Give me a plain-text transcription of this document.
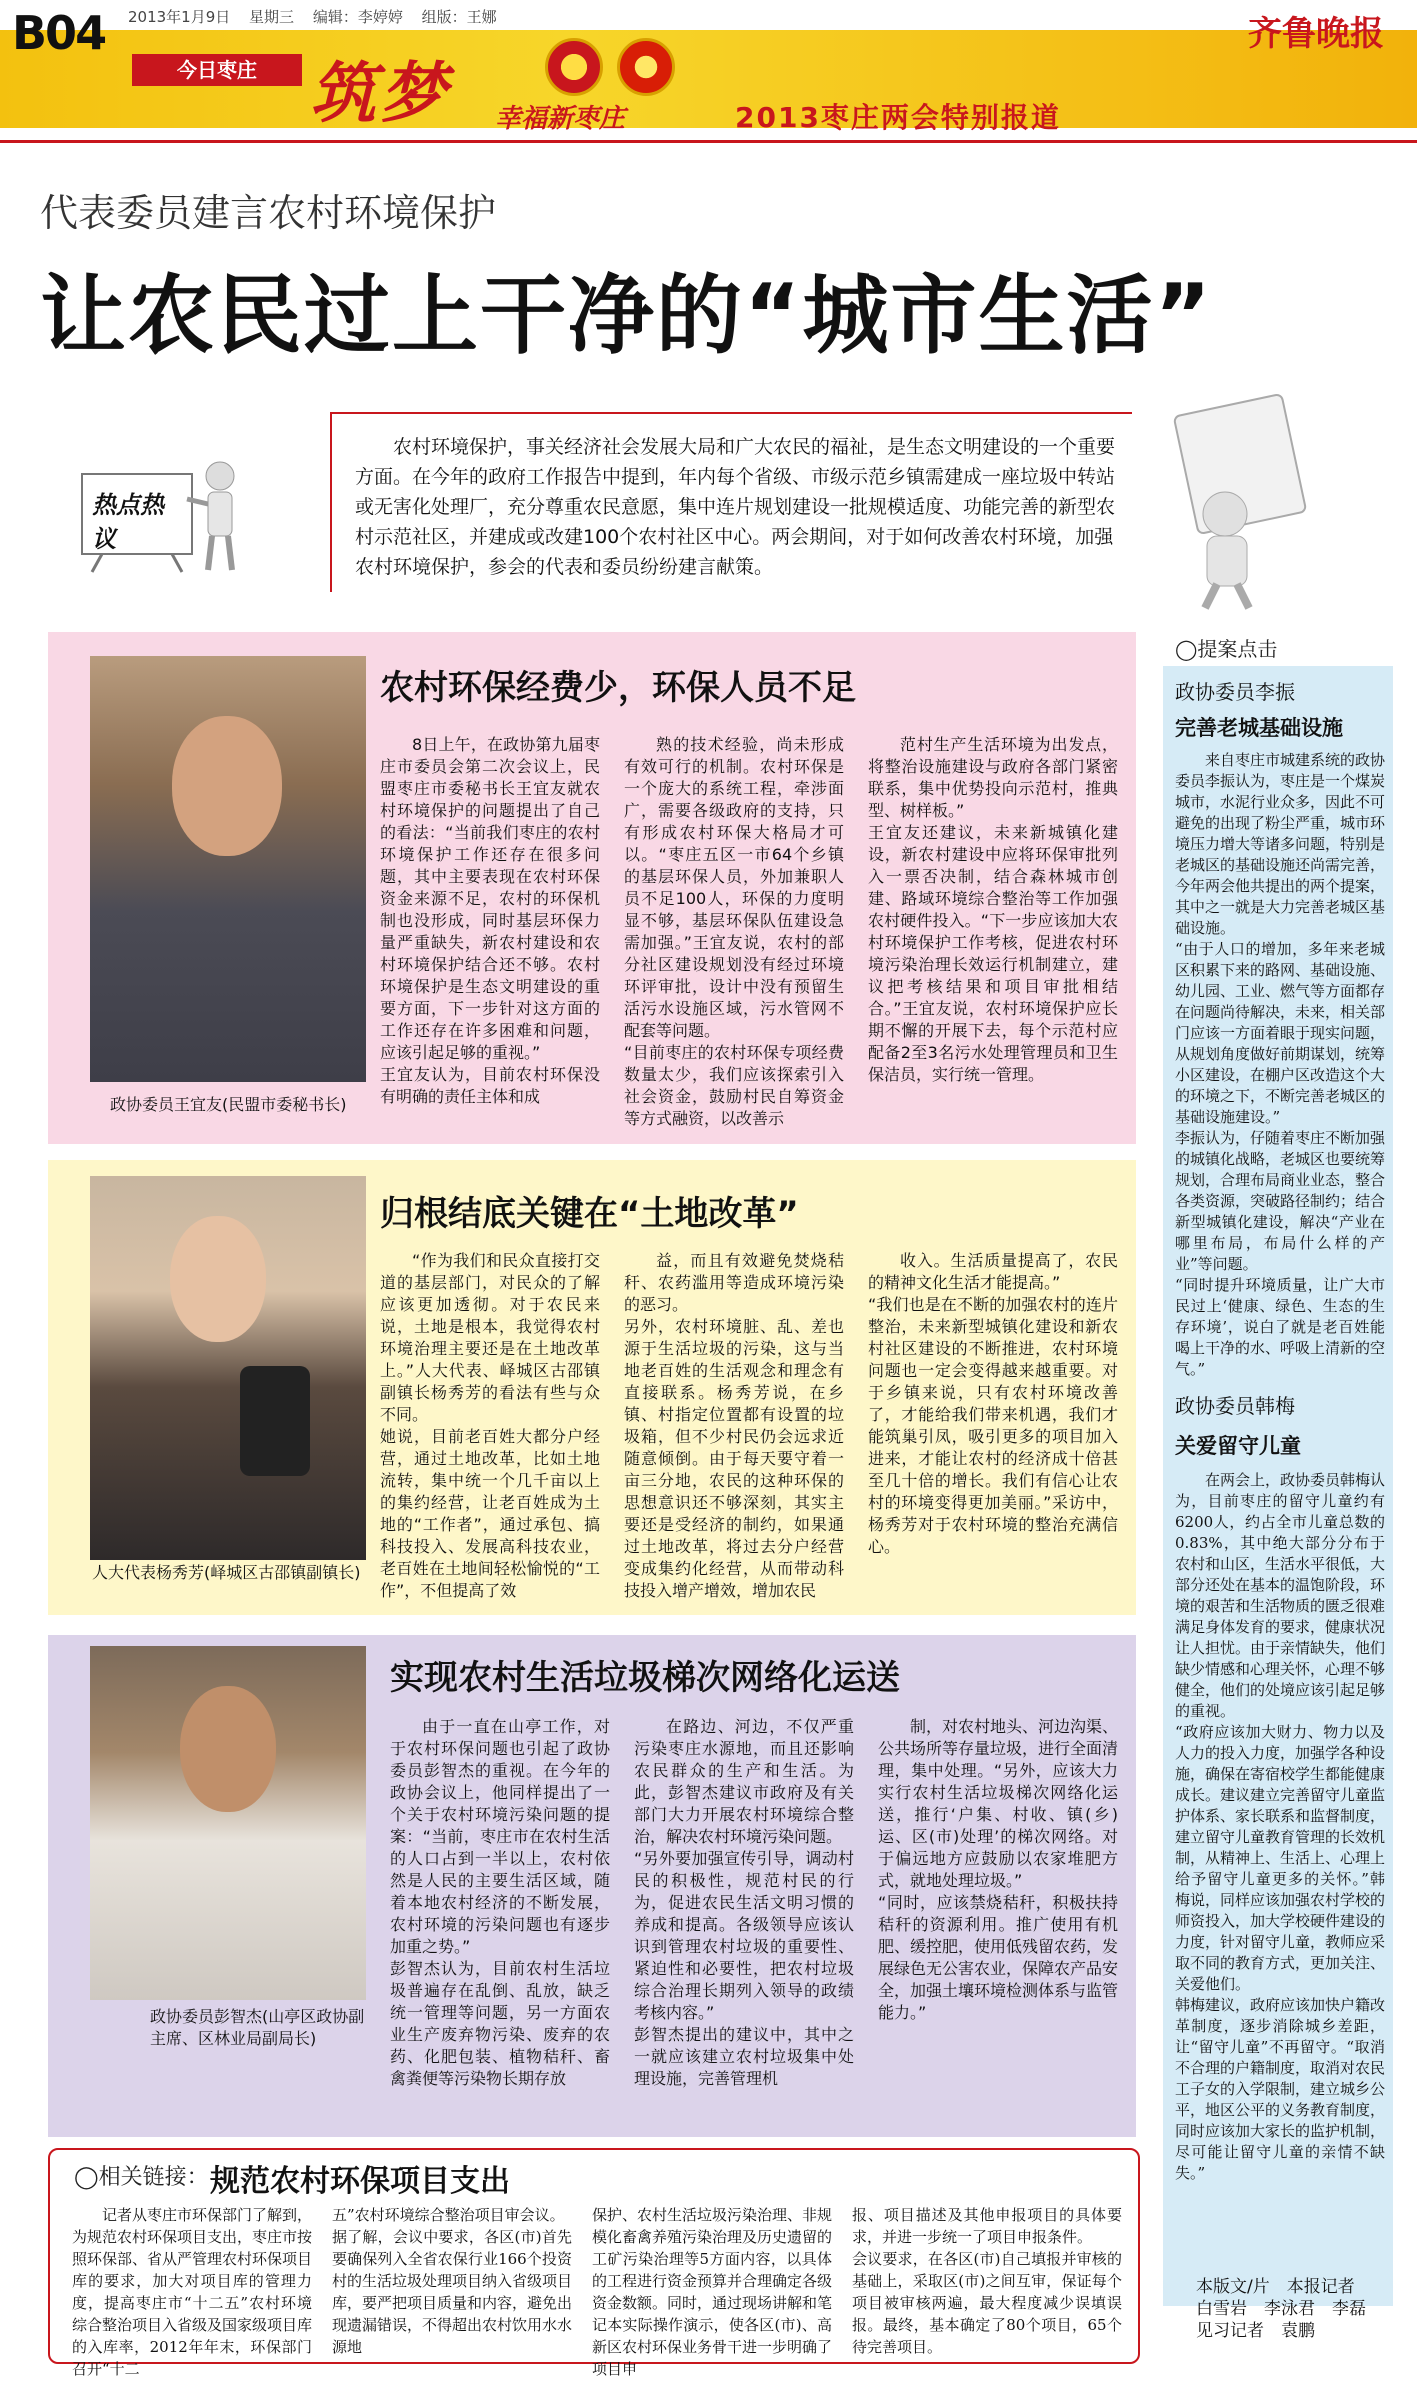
B04 2013年1月9日 星期三 编辑：李婷婷 组版：王娜	齐鲁晚报
今日枣庄 筑梦 幸福新枣庄	2013枣庄两会特别报道
代表委员建言农村环境保护
让农民过上干净的“城市生活”
热点热议
农村环境保护，事关经济社会发展大局和广大农民的福祉，是生态文明建设的一个重要方面。在今年的政府工作报告中提到，年内每个省级、市级示范乡镇需建成一座垃圾中转站或无害化处理厂，充分尊重农民意愿，集中连片规划建设一批规模适度、功能完善的新型农村示范社区，并建成或改建100个农村社区中心。两会期间，对于如何改善农村环境，加强农村环境保护，参会的代表和委员纷纷建言献策。
政协委员王宜友(民盟市委秘书长)
农村环保经费少，环保人员不足
8日上午，在政协第九届枣庄市委员会第二次会议上，民盟枣庄市委秘书长王宜友就农村环境保护的问题提出了自己的看法：“当前我们枣庄的农村环境保护工作还存在很多问题，其中主要表现在农村环保资金来源不足，农村的环保机制也没形成，同时基层环保力量严重缺失，新农村建设和农村环境保护结合还不够。农村环境保护是生态文明建设的重要方面，下一步针对这方面的工作还存在许多困难和问题，应该引起足够的重视。”
王宜友认为，目前农村环保没有明确的责任主体和成
熟的技术经验，尚未形成有效可行的机制。农村环保是一个庞大的系统工程，牵涉面广，需要各级政府的支持，只有形成农村环保大格局才可以。“枣庄五区一市64个乡镇的基层环保人员，外加兼职人员不足100人，环保的力度明显不够，基层环保队伍建设急需加强。”王宜友说，农村的部分社区建设规划没有经过环境环评审批，设计中没有预留生活污水设施区域，污水管网不配套等问题。
“目前枣庄的农村环保专项经费数量太少，我们应该探索引入社会资金，鼓励村民自筹资金等方式融资，以改善示
范村生产生活环境为出发点，将整治设施建设与政府各部门紧密联系，集中优势投向示范村，推典型、树样板。”
王宜友还建议，未来新城镇化建设，新农村建设中应将环保审批列入一票否决制，结合森林城市创建、路域环境综合整治等工作加强农村硬件投入。“下一步应该加大农村环境保护工作考核，促进农村环境污染治理长效运行机制建立，建议把考核结果和项目审批相结合。”王宜友说，农村环境保护应长期不懈的开展下去，每个示范村应配备2至3名污水处理管理员和卫生保洁员，实行统一管理。
人大代表杨秀芳(峄城区古邵镇副镇长)
归根结底关键在“土地改革”
“作为我们和民众直接打交道的基层部门，对民众的了解应该更加透彻。对于农民来说，土地是根本，我觉得农村环境治理主要还是在土地改革上。”人大代表、峄城区古邵镇副镇长杨秀芳的看法有些与众不同。
她说，目前老百姓大都分户经营，通过土地改革，比如土地流转，集中统一个几千亩以上的集约经营，让老百姓成为土地的“工作者”，通过承包、搞科技投入、发展高科技农业，老百姓在土地间轻松愉悦的“工作”，不但提高了效
益，而且有效避免焚烧秸秆、农药滥用等造成环境污染的恶习。
另外，农村环境脏、乱、差也源于生活垃圾的污染，这与当地老百姓的生活观念和理念有直接联系。杨秀芳说，在乡镇、村指定位置都有设置的垃圾箱，但不少村民仍会远求近随意倾倒。由于每天要守着一亩三分地，农民的这种环保的思想意识还不够深刻，其实主要还是受经济的制约，如果通过土地改革，将过去分户经营变成集约化经营，从而带动科技投入增产增效，增加农民
收入。生活质量提高了，农民的精神文化生活才能提高。”
“我们也是在不断的加强农村的连片整治，未来新型城镇化建设和新农村社区建设的不断推进，农村环境问题也一定会变得越来越重要。对于乡镇来说，只有农村环境改善了，才能给我们带来机遇，我们才能筑巢引凤，吸引更多的项目加入进来，才能让农村的经济成十倍甚至几十倍的增长。我们有信心让农村的环境变得更加美丽。”采访中，杨秀芳对于农村环境的整治充满信心。
政协委员彭智杰(山亭区政协副主席、区林业局副局长)
实现农村生活垃圾梯次网络化运送
由于一直在山亭工作，对于农村环保问题也引起了政协委员彭智杰的重视。在今年的政协会议上，他同样提出了一个关于农村环境污染问题的提案：“当前，枣庄市在农村生活的人口占到一半以上，农村依然是人民的主要生活区域，随着本地农村经济的不断发展，农村环境的污染问题也有逐步加重之势。”
彭智杰认为，目前农村生活垃圾普遍存在乱倒、乱放，缺乏统一管理等问题，另一方面农业生产废弃物污染、废弃的农药、化肥包装、植物秸秆、畜禽粪便等污染物长期存放
在路边、河边，不仅严重污染枣庄水源地，而且还影响农民群众的生产和生活。为此，彭智杰建议市政府及有关部门大力开展农村环境综合整治，解决农村环境污染问题。
“另外要加强宣传引导，调动村民的积极性，规范村民的行为，促进农民生活文明习惯的养成和提高。各级领导应该认识到管理农村垃圾的重要性、紧迫性和必要性，把农村垃圾综合治理长期列入领导的政绩考核内容。”
彭智杰提出的建议中，其中之一就应该建立农村垃圾集中处理设施，完善管理机
制，对农村地头、河边沟渠、公共场所等存量垃圾，进行全面清理，集中处理。“另外，应该大力实行农村生活垃圾梯次网络化运送，推行‘户集、村收、镇(乡)运、区(市)处理’的梯次网络。对于偏远地方应鼓励以农家堆肥方式，就地处理垃圾。”
“同时，应该禁烧秸秆，积极扶持秸秆的资源利用。推广使用有机肥、缓控肥，使用低残留农药，发展绿色无公害农业，保障农产品安全，加强土壤环境检测体系与监管能力。”
◯提案点击
政协委员李振
完善老城基础设施
来自枣庄市城建系统的政协委员李振认为，枣庄是一个煤炭城市，水泥行业众多，因此不可避免的出现了粉尘严重，城市环境压力增大等诸多问题，特别是老城区的基础设施还尚需完善，今年两会他共提出的两个提案，其中之一就是大力完善老城区基础设施。
“由于人口的增加，多年来老城区积累下来的路网、基础设施、幼儿园、工业、燃气等方面都存在问题尚待解决，未来，相关部门应该一方面着眼于现实问题，从规划角度做好前期谋划，统筹小区建设，在棚户区改造这个大的环境之下，不断完善老城区的基础设施建设。”
李振认为，仔随着枣庄不断加强的城镇化战略，老城区也要统筹规划，合理布局商业业态，整合各类资源，突破路径制约；结合新型城镇化建设，解决“产业在哪里布局，布局什么样的产业”等问题。
“同时提升环境质量，让广大市民过上‘健康、绿色、生态的生存环境’，说白了就是老百姓能喝上干净的水、呼吸上清新的空气。”
政协委员韩梅
关爱留守儿童
在两会上，政协委员韩梅认为，目前枣庄的留守儿童约有6200人，约占全市儿童总数的0.83%，其中绝大部分分布于农村和山区，生活水平很低，大部分还处在基本的温饱阶段，环境的艰苦和生活物质的匮乏很难满足身体发育的要求，健康状况让人担忧。由于亲情缺失，他们缺少情感和心理关怀，心理不够健全，他们的处境应该引起足够的重视。
“政府应该加大财力、物力以及人力的投入力度，加强学各种设施，确保在寄宿校学生都能健康成长。建议建立完善留守儿童监护体系、家长联系和监督制度，建立留守儿童教育管理的长效机制，从精神上、生活上、心理上给予留守儿童更多的关怀。”韩梅说，同样应该加强农村学校的师资投入，加大学校硬件建设的力度，针对留守儿童，教师应采取不同的教育方式，更加关注、关爱他们。
韩梅建议，政府应该加快户籍改革制度，逐步消除城乡差距，让“留守儿童”不再留守。“取消不合理的户籍制度，取消对农民工子女的入学限制，建立城乡公平，地区公平的义务教育制度，同时应该加大家长的监护机制，尽可能让留守儿童的亲情不缺失。”
本版文/片　本报记者
白雪岩　李泳君　李磊
见习记者　袁鹏
◯相关链接： 规范农村环保项目支出
记者从枣庄市环保部门了解到，为规范农村环保项目支出，枣庄市按照环保部、省从严管理农村环保项目库的要求，加大对项目库的管理力度，提高枣庄市“十二五”农村环境综合整治项目入省级及国家级项目库的入库率，2012年年末，环保部门召开“十二
五”农村环境综合整治项目审会议。
据了解，会议中要求，各区(市)首先要确保列入全省农保行业166个投资村的生活垃圾处理项目纳入省级项目库，要严把项目质量和内容，避免出现遗漏错误，不得超出农村饮用水水源地
保护、农村生活垃圾污染治理、非规模化畜禽养殖污染治理及历史遗留的工矿污染治理等5方面内容，以具体的工程进行资金预算并合理确定各级资金数额。同时，通过现场讲解和笔记本实际操作演示，使各区(市)、高新区农村环保业务骨干进一步明确了项目申
报、项目描述及其他申报项目的具体要求，并进一步统一了项目申报条件。
会议要求，在各区(市)自己填报并审核的基础上，采取区(市)之间互审，保证每个项目被审核两遍，最大程度减少误填误报。最终，基本确定了80个项目，65个待完善项目。
